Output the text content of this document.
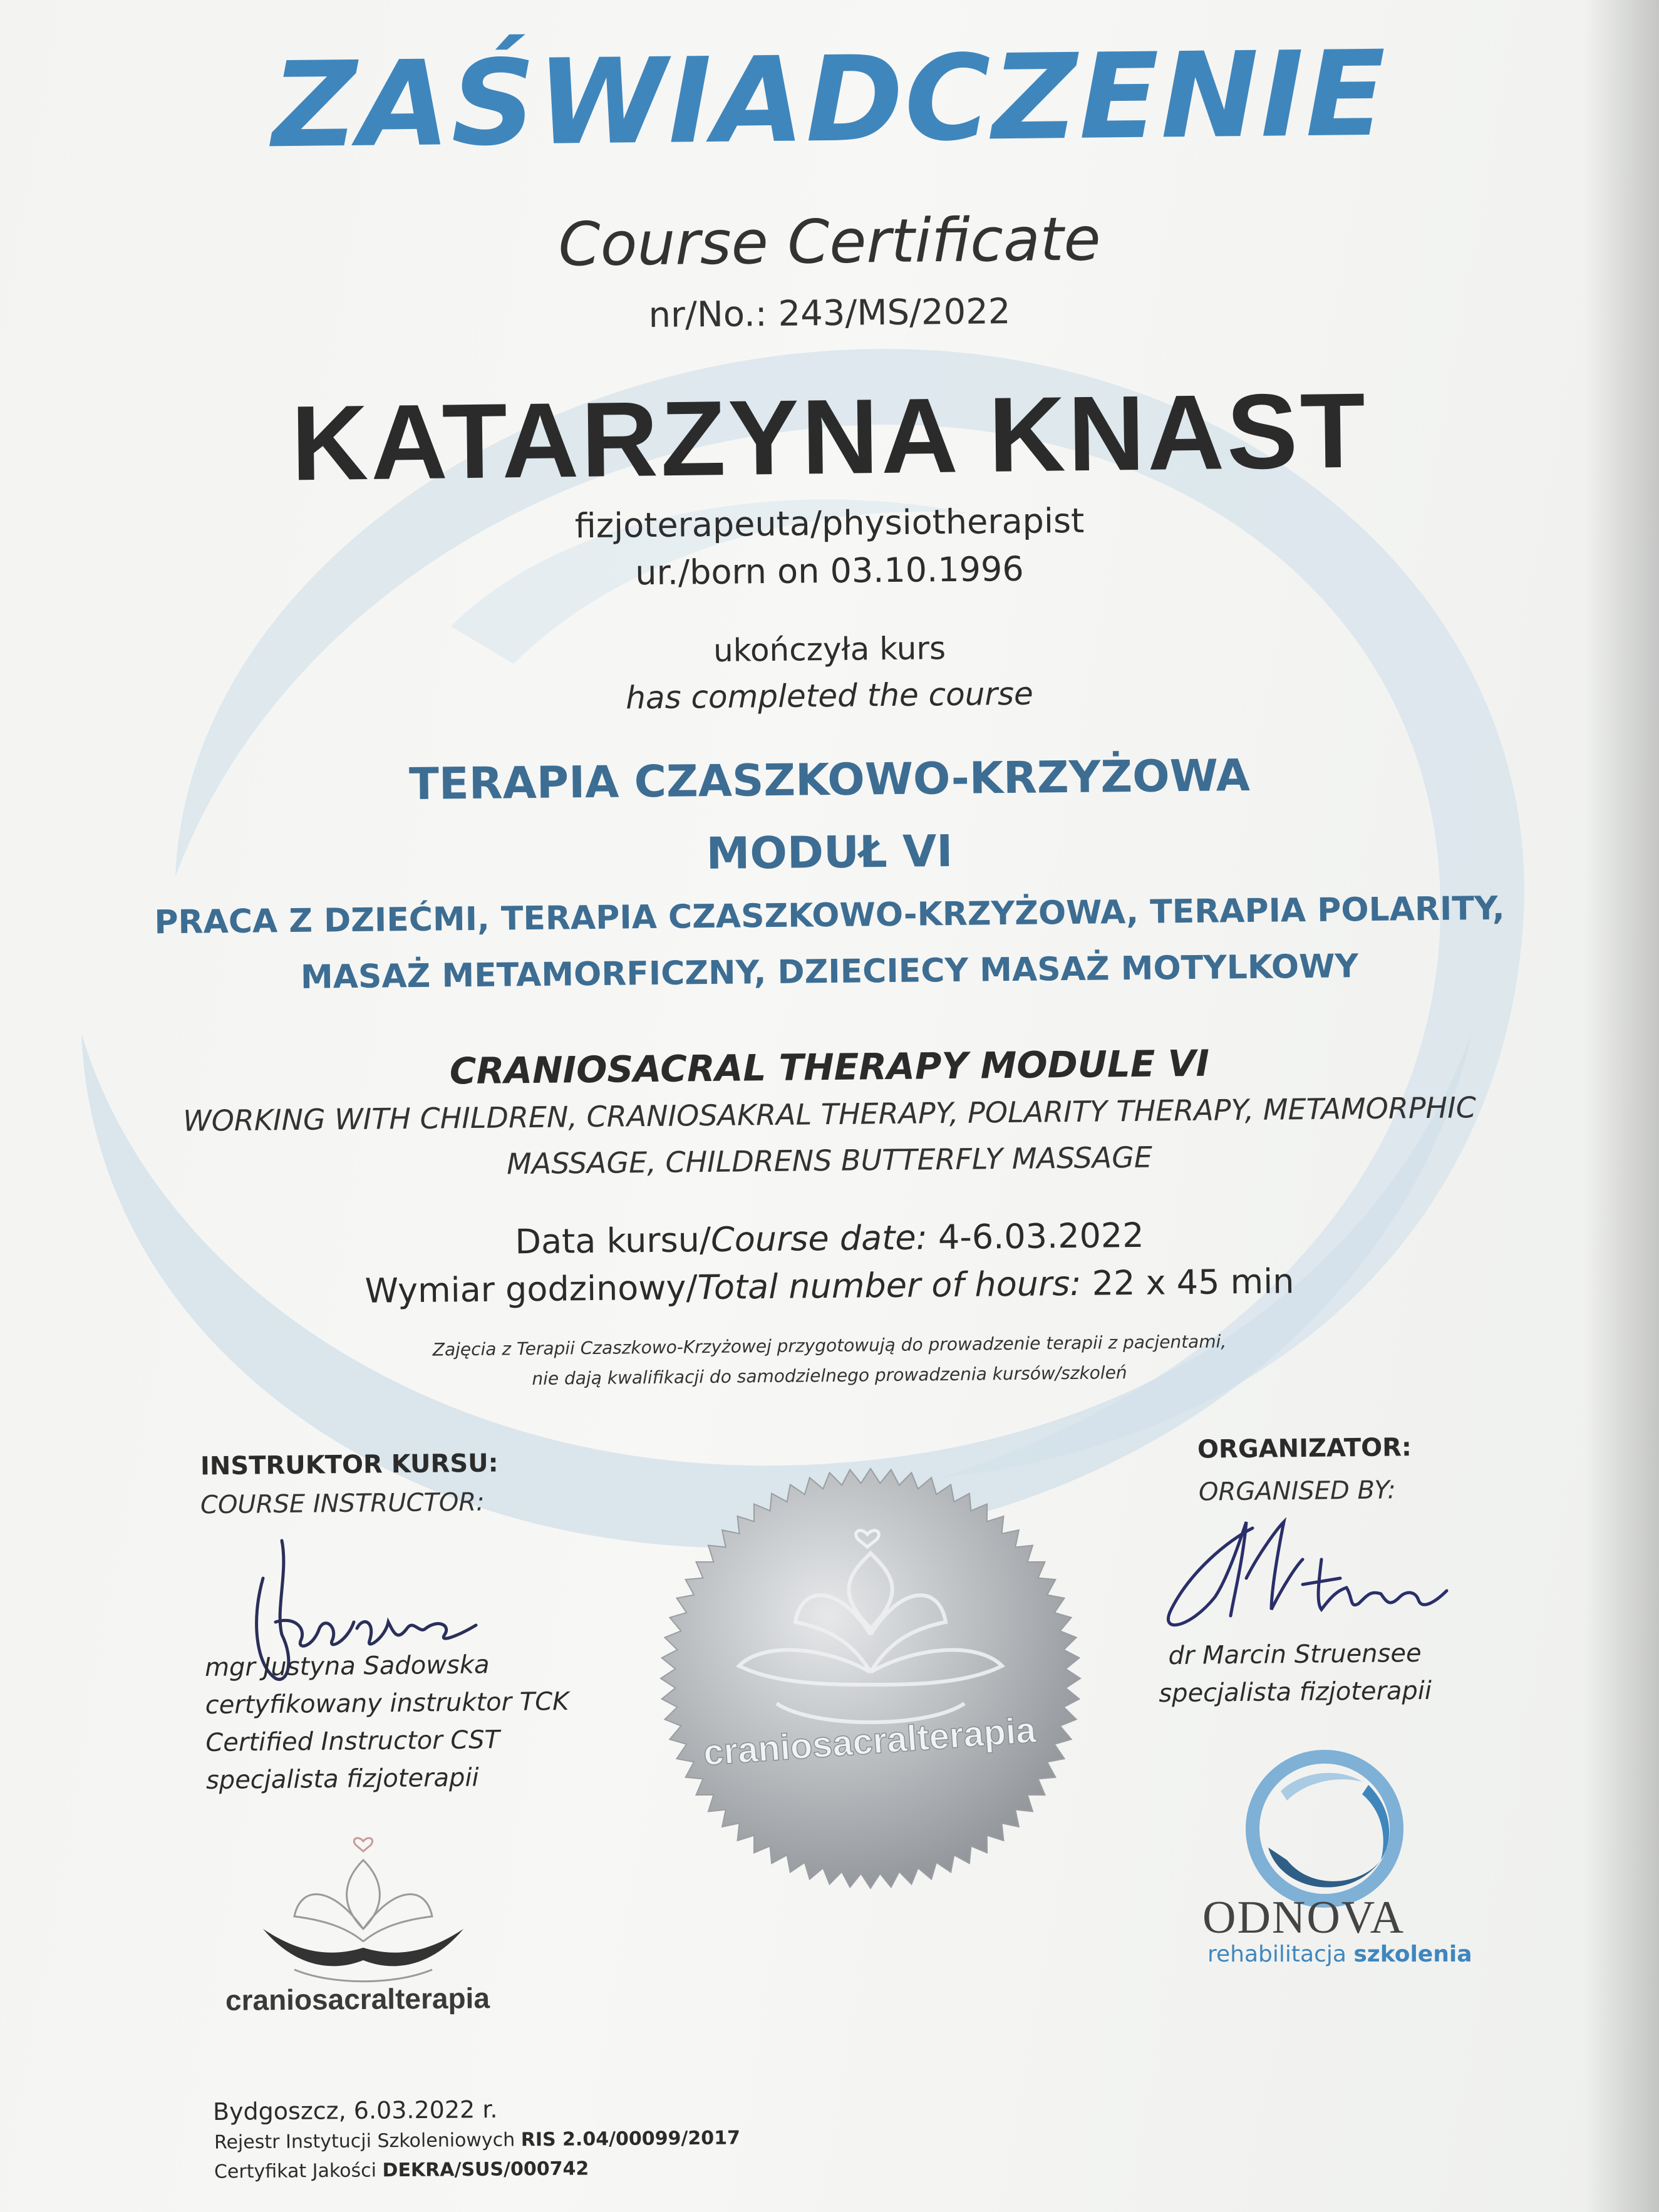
ZAŚWIADCZENIE
Course Certificate
nr/No.: 243/MS/2022
KATARZYNA KNAST
fizjoterapeuta/physiotherapist
ur./born on 03.10.1996
ukończyła kurs
has completed the course
TERAPIA CZASZKOWO-KRZYŻOWA
MODUŁ VI
PRACA Z DZIEĆMI, TERAPIA CZASZKOWO-KRZYŻOWA, TERAPIA POLARITY,
MASAŻ METAMORFICZNY, DZIECIECY MASAŻ MOTYLKOWY
CRANIOSACRAL THERAPY MODULE VI
WORKING WITH CHILDREN, CRANIOSAKRAL THERAPY, POLARITY THERAPY, METAMORPHIC
MASSAGE, CHILDRENS BUTTERFLY MASSAGE
Data kursu/Course date: 4-6.03.2022
Wymiar godzinowy/Total number of hours: 22 x 45 min
Zajęcia z Terapii Czaszkowo-Krzyżowej przygotowują do prowadzenie terapii z pacjentami,
nie dają kwalifikacji do samodzielnego prowadzenia kursów/szkoleń
INSTRUKTOR KURSU:
COURSE INSTRUCTOR:
ORGANIZATOR:
ORGANISED BY:
mgr Justyna Sadowska
certyfikowany instruktor TCK
Certified Instructor CST
specjalista fizjoterapii
dr Marcin Struensee
specjalista fizjoterapii
craniosacralterapia
craniosacralterapia
ODNOVA
rehabilitacja szkolenia
Bydgoszcz, 6.03.2022 r.
Rejestr Instytucji Szkoleniowych RIS 2.04/00099/2017
Certyfikat Jakości DEKRA/SUS/000742
